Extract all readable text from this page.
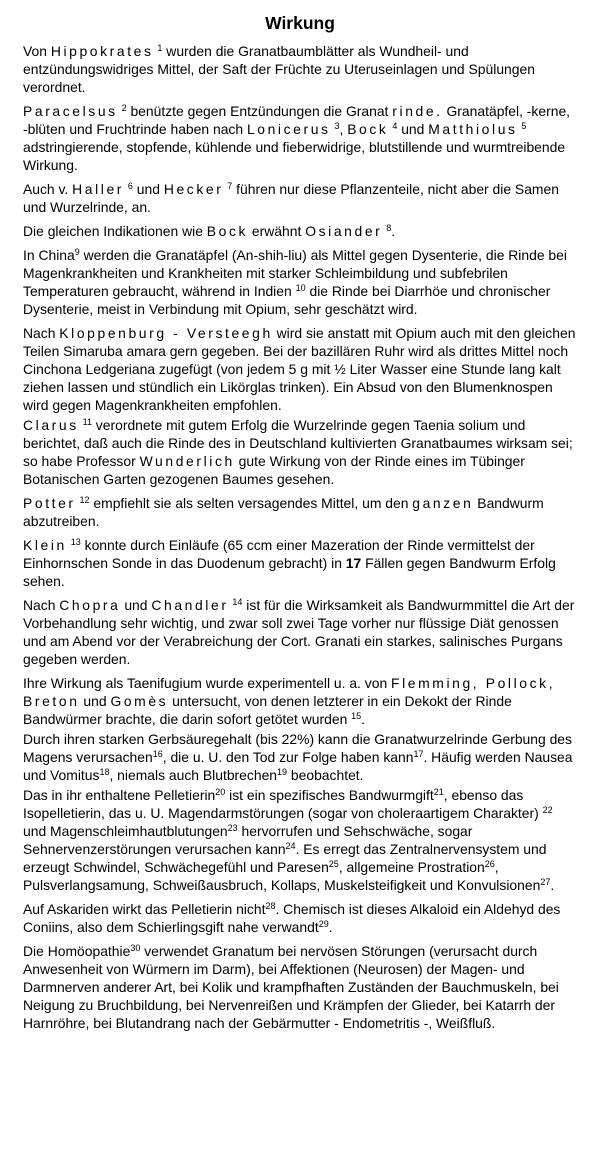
Wirkung

Von Hippokrates $^1$ wurden die Granatbaumblätter als Wundheil- und entzündungswidriges Mittel, der Saft der Früchte zu Uteruseinlagen und Spülungen verordnet.

Paracelsus $^2$ benützte gegen Entzündungen die Granat rinde. Granatäpfel, -kerne, -blüten und Fruchtrinde haben nach Lonicerus $^3$, Bock $^4$ und Matthiolus $^5$ adstringierende, stopfende, kühlende und fieberwidrige, blutstillende und wurmtreibende Wirkung.

Auch v. Haller $^6$ und Hecker $^7$ führen nur diese Pflanzenteile, nicht aber die Samen und Wurzelrinde, an.

Die gleichen Indikationen wie Bock erwähnt Osiander $^8$.

In China$^9$ werden die Granatäpfel (An-shih-liu) als Mittel gegen Dysenterie, die Rinde bei Magenkrankheiten und Krankheiten mit starker Schleimbildung und subfebrilen Temperaturen gebraucht, während in Indien $^{10}$ die Rinde bei Diarrhöe und chronischer Dysenterie, meist in Verbindung mit Opium, sehr geschätzt wird.

Nach Kloppenburg - Versteegh wird sie anstatt mit Opium auch mit den gleichen Teilen Simaruba amara gern gegeben. Bei der bazillären Ruhr wird als drittes Mittel noch Cinchona Ledgeriana zugefügt (von jedem 5 g mit ½ Liter Wasser eine Stunde lang kalt ziehen lassen und stündlich ein Likörglas trinken). Ein Absud von den Blumenknospen wird gegen Magenkrankheiten empfohlen.

Clarus $^{11}$ verordnete mit gutem Erfolg die Wurzelrinde gegen Taenia solium und berichtet, daß auch die Rinde des in Deutschland kultivierten Granatbaumes wirksam sei; so habe Professor Wunderlich gute Wirkung von der Rinde eines im Tübinger Botanischen Garten gezogenen Baumes gesehen.

Potter $^{12}$ empfiehlt sie als selten versagendes Mittel, um den ganzen Bandwurm abzutreiben.

Klein $^{13}$ konnte durch Einläufe (65 ccm einer Mazeration der Rinde vermittelst der Einhornschen Sonde in das Duodenum gebracht) in 17 Fällen gegen Bandwurm Erfolg sehen.

Nach Chopra und Chandler $^{14}$ ist für die Wirksamkeit als Bandwurmmittel die Art der Vorbehandlung sehr wichtig, und zwar soll zwei Tage vorher nur flüssige Diät genossen und am Abend vor der Verabreichung der Cort. Granati ein starkes, salinisches Purgans gegeben werden.

Ihre Wirkung als Taenifugium wurde experimentell u. a. von Flemming, Pollock, Breton und Gomès untersucht, von denen letzterer in ein Dekokt der Rinde Bandwürmer brachte, die darin sofort getötet wurden $^{15}$.

Durch ihren starken Gerbsäuregehalt (bis 22%) kann die Granatwurzelrinde Gerbung des Magens verursachen$^{16}$, die u. U. den Tod zur Folge haben kann$^{17}$. Häufig werden Nausea und Vomitus$^{18}$, niemals auch Blutbrechen$^{19}$ beobachtet.

Das in ihr enthaltene Pelletierin$^{20}$ ist ein spezifisches Bandwurmgift$^{21}$, ebenso das Isopelletierin, das u. U. Magendarmstörungen (sogar von choleraartigem Charakter) $^{22}$ und Magenschleimhautblutungen$^{23}$ hervorrufen und Sehschwäche, sogar Sehnervenzerstörungen verursachen kann$^{24}$. Es erregt das Zentralnervensystem und erzeugt Schwindel, Schwächegefühl und Paresen$^{25}$, allgemeine Prostration$^{26}$, Pulsverlangsamung, Schweißausbruch, Kollaps, Muskelsteifigkeit und Konvulsionen$^{27}$.

Auf Askariden wirkt das Pelletierin nicht$^{28}$. Chemisch ist dieses Alkaloid ein Aldehyd des Coniins, also dem Schierlingsgift nahe verwandt$^{29}$.

Die Homöopathie$^{30}$ verwendet Granatum bei nervösen Störungen (verursacht durch Anwesenheit von Würmern im Darm), bei Affektionen (Neurosen) der Magen- und Darmnerven anderer Art, bei Kolik und krampfhaften Zuständen der Bauchmuskeln, bei Neigung zu Bruchbildung, bei Nervenreißen und Krämpfen der Glieder, bei Katarrh der Harnröhre, bei Blutandrang nach der Gebärmutter - Endometritis -, Weißfluß.
